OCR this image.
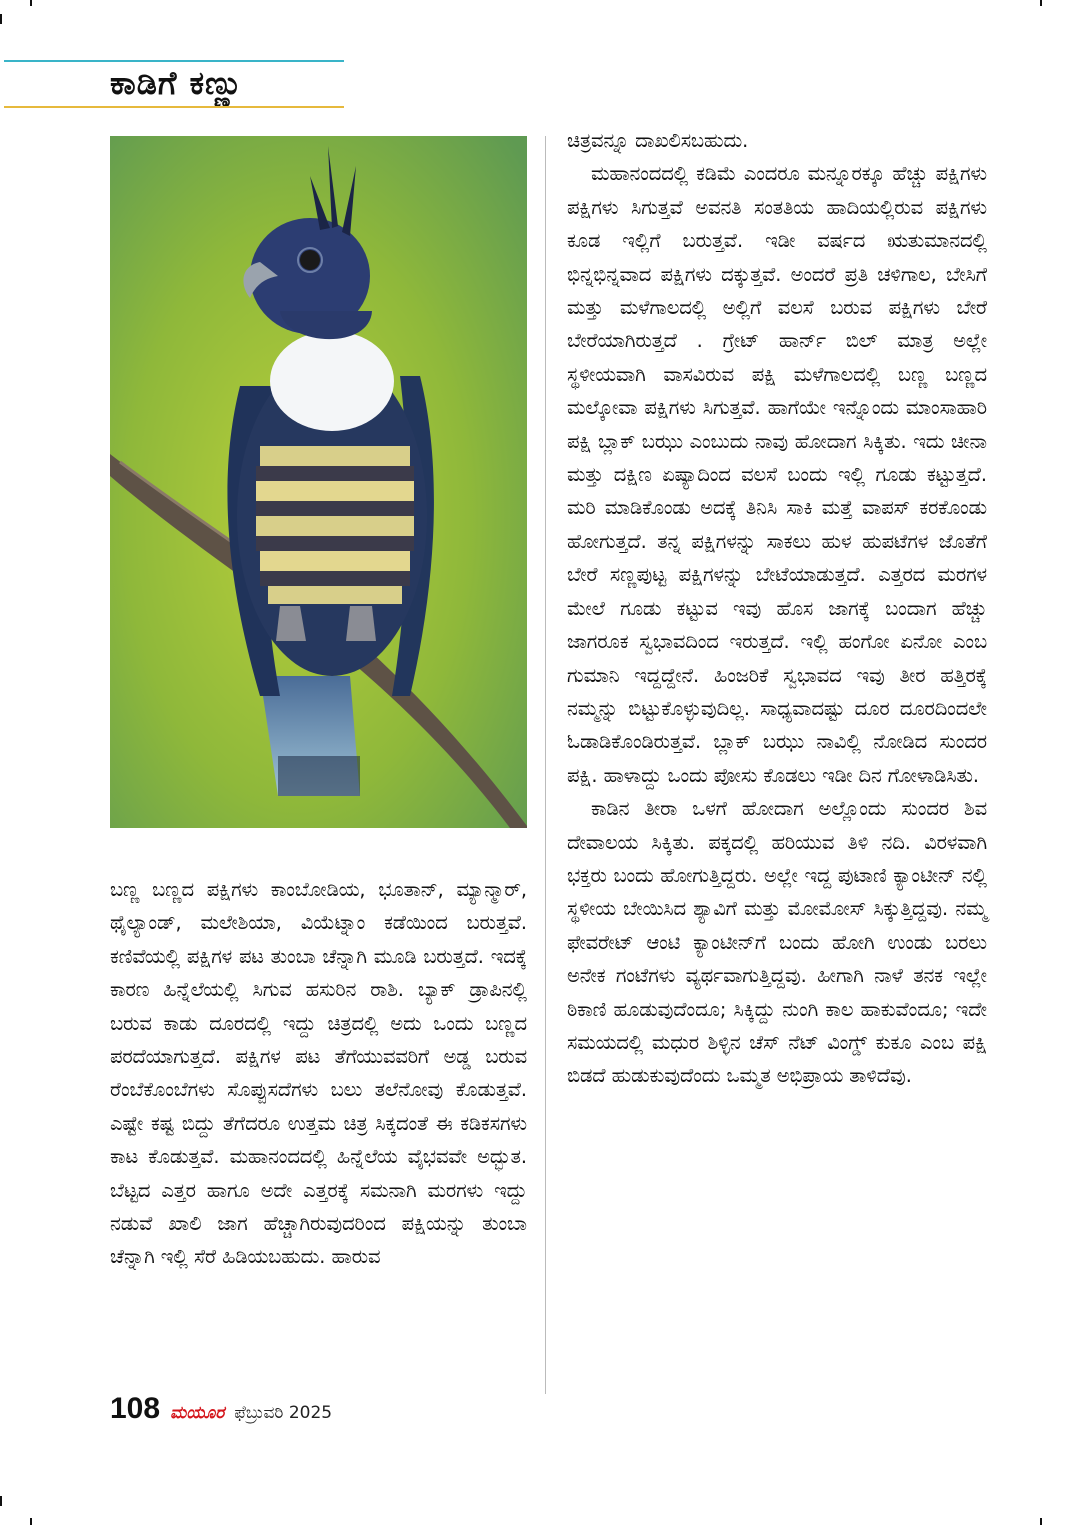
ಕಾಡಿಗೆ ಕಣ್ಣು

ಬಣ್ಣ ಬಣ್ಣದ ಪಕ್ಷಿಗಳು ಕಾಂಬೋಡಿಯ, ಭೂತಾನ್, ಮ್ಯಾನ್ಮಾರ್, ಥೈಲ್ಯಾಂಡ್, ಮಲೇಶಿಯಾ, ವಿಯೆಟ್ನಾಂ ಕಡೆಯಿಂದ ಬರುತ್ತವೆ. ಕಣಿವೆಯಲ್ಲಿ ಪಕ್ಷಿಗಳ ಪಟ ತುಂಬಾ ಚೆನ್ನಾಗಿ ಮೂಡಿ ಬರುತ್ತದೆ. ಇದಕ್ಕೆ ಕಾರಣ ಹಿನ್ನೆಲೆಯಲ್ಲಿ ಸಿಗುವ ಹಸುರಿನ ರಾಶಿ. ಬ್ಯಾಕ್ ಡ್ರಾಪಿನಲ್ಲಿ ಬರುವ ಕಾಡು ದೂರದಲ್ಲಿ ಇದ್ದು ಚಿತ್ರದಲ್ಲಿ ಅದು ಒಂದು ಬಣ್ಣದ ಪರದೆಯಾಗುತ್ತದೆ. ಪಕ್ಷಿಗಳ ಪಟ ತೆಗೆಯುವವರಿಗೆ ಅಡ್ಡ ಬರುವ ರೆಂಬೆಕೊಂಬೆಗಳು ಸೊಪ್ಪುಸದೆಗಳು ಬಲು ತಲೆನೋವು ಕೊಡುತ್ತವೆ. ಎಷ್ಟೇ ಕಷ್ಟ ಬಿದ್ದು ತೆಗೆದರೂ ಉತ್ತಮ ಚಿತ್ರ ಸಿಕ್ಕದಂತೆ ಈ ಕಡಿಕಸಗಳು ಕಾಟ ಕೊಡುತ್ತವೆ. ಮಹಾನಂದದಲ್ಲಿ ಹಿನ್ನೆಲೆಯ ವೈಭವವೇ ಅದ್ಭುತ. ಬೆಟ್ಟದ ಎತ್ತರ ಹಾಗೂ ಅದೇ ಎತ್ತರಕ್ಕೆ ಸಮನಾಗಿ ಮರಗಳು ಇದ್ದು ನಡುವೆ ಖಾಲಿ ಜಾಗ ಹೆಚ್ಚಾಗಿರುವುದರಿಂದ ಪಕ್ಷಿಯನ್ನು ತುಂಬಾ ಚೆನ್ನಾಗಿ ಇಲ್ಲಿ ಸೆರೆ ಹಿಡಿಯಬಹುದು. ಹಾರುವ

ಚಿತ್ರವನ್ನೂ ದಾಖಲಿಸಬಹುದು.

ಮಹಾನಂದದಲ್ಲಿ ಕಡಿಮೆ ಎಂದರೂ ಮನ್ನೂರಕ್ಕೂ ಹೆಚ್ಚು ಪಕ್ಷಿಗಳು ಪಕ್ಷಿಗಳು ಸಿಗುತ್ತವೆ ಅವನತಿ ಸಂತತಿಯ ಹಾದಿಯಲ್ಲಿರುವ ಪಕ್ಷಿಗಳು ಕೂಡ ಇಲ್ಲಿಗೆ ಬರುತ್ತವೆ. ಇಡೀ ವರ್ಷದ ಋತುಮಾನದಲ್ಲಿ ಭಿನ್ನಭಿನ್ನವಾದ ಪಕ್ಷಿಗಳು ದಕ್ಕುತ್ತವೆ. ಅಂದರೆ ಪ್ರತಿ ಚಳಿಗಾಲ, ಬೇಸಿಗೆ ಮತ್ತು ಮಳೆಗಾಲದಲ್ಲಿ ಅಲ್ಲಿಗೆ ವಲಸೆ ಬರುವ ಪಕ್ಷಿಗಳು ಬೇರೆ ಬೇರೆಯಾಗಿರುತ್ತದೆ . ಗ್ರೇಟ್ ಹಾರ್ನ್ ಬಿಲ್ ಮಾತ್ರ ಅಲ್ಲೇ ಸ್ಥಳೀಯವಾಗಿ ವಾಸವಿರುವ ಪಕ್ಷಿ ಮಳೆಗಾಲದಲ್ಲಿ ಬಣ್ಣ ಬಣ್ಣದ ಮಲ್ಕೋವಾ ಪಕ್ಷಿಗಳು ಸಿಗುತ್ತವೆ. ಹಾಗೆಯೇ ಇನ್ನೊಂದು ಮಾಂಸಾಹಾರಿ ಪಕ್ಷಿ ಬ್ಲಾಕ್ ಬಝು ಎಂಬುದು ನಾವು ಹೋದಾಗ ಸಿಕ್ಕಿತು. ಇದು ಚೀನಾ ಮತ್ತು ದಕ್ಷಿಣ ಏಷ್ಯಾದಿಂದ ವಲಸೆ ಬಂದು ಇಲ್ಲಿ ಗೂಡು ಕಟ್ಟುತ್ತದೆ. ಮರಿ ಮಾಡಿಕೊಂಡು ಅದಕ್ಕೆ ತಿನಿಸಿ ಸಾಕಿ ಮತ್ತೆ ವಾಪಸ್ ಕರಕೊಂಡು ಹೋಗುತ್ತದೆ. ತನ್ನ ಪಕ್ಷಿಗಳನ್ನು ಸಾಕಲು ಹುಳ ಹುಪಟೆಗಳ ಜೊತೆಗೆ ಬೇರೆ ಸಣ್ಣಪುಟ್ಟ ಪಕ್ಷಿಗಳನ್ನು ಬೇಟೆಯಾಡುತ್ತದೆ. ಎತ್ತರದ ಮರಗಳ ಮೇಲೆ ಗೂಡು ಕಟ್ಟುವ ಇವು ಹೊಸ ಜಾಗಕ್ಕೆ ಬಂದಾಗ ಹೆಚ್ಚು ಜಾಗರೂಕ ಸ್ವಭಾವದಿಂದ ಇರುತ್ತದೆ. ಇಲ್ಲಿ ಹಂಗೋ ಏನೋ ಎಂಬ ಗುಮಾನಿ ಇದ್ದದ್ದೇನೆ. ಹಿಂಜರಿಕೆ ಸ್ವಭಾವದ ಇವು ತೀರ ಹತ್ತಿರಕ್ಕೆ ನಮ್ಮನ್ನು ಬಿಟ್ಟುಕೊಳ್ಳುವುದಿಲ್ಲ. ಸಾಧ್ಯವಾದಷ್ಟು ದೂರ ದೂರದಿಂದಲೇ ಓಡಾಡಿಕೊಂಡಿರುತ್ತವೆ. ಬ್ಲಾಕ್ ಬಝು ನಾವಿಲ್ಲಿ ನೋಡಿದ ಸುಂದರ ಪಕ್ಷಿ. ಹಾಳಾದ್ದು ಒಂದು ಪೋಸು ಕೊಡಲು ಇಡೀ ದಿನ ಗೋಳಾಡಿಸಿತು.

ಕಾಡಿನ ತೀರಾ ಒಳಗೆ ಹೋದಾಗ ಅಲ್ಲೊಂದು ಸುಂದರ ಶಿವ ದೇವಾಲಯ ಸಿಕ್ಕಿತು. ಪಕ್ಕದಲ್ಲಿ ಹರಿಯುವ ತಿಳಿ ನದಿ. ವಿರಳವಾಗಿ ಭಕ್ತರು ಬಂದು ಹೋಗುತ್ತಿದ್ದರು. ಅಲ್ಲೇ ಇದ್ದ ಪುಟಾಣಿ ಕ್ಯಾಂಟೀನ್ ನಲ್ಲಿ ಸ್ಥಳೀಯ ಬೇಯಿಸಿದ ಶ್ಯಾವಿಗೆ ಮತ್ತು ಮೋಮೋಸ್ ಸಿಕ್ಕುತ್ತಿದ್ದವು. ನಮ್ಮ ಫೇವರೇಟ್ ಆಂಟಿ ಕ್ಯಾಂಟೀನ್‌ಗೆ ಬಂದು ಹೋಗಿ ಉಂಡು ಬರಲು ಅನೇಕ ಗಂಟೆಗಳು ವ್ಯರ್ಥವಾಗುತ್ತಿದ್ದವು. ಹೀಗಾಗಿ ನಾಳೆ ತನಕ ಇಲ್ಲೇ ಠಿಕಾಣಿ ಹೂಡುವುದೆಂದೂ; ಸಿಕ್ಕಿದ್ದು ನುಂಗಿ ಕಾಲ ಹಾಕುವೆಂದೂ; ಇದೇ ಸಮಯದಲ್ಲಿ ಮಧುರ ಶಿಳ್ಳಿನ ಚೆಸ್ ನೆಟ್ ವಿಂಗ್ಡ್ ಕುಕೂ ಎಂಬ ಪಕ್ಷಿ ಬಿಡದೆ ಹುಡುಕುವುದೆಂದು ಒಮ್ಮತ ಅಭಿಪ್ರಾಯ ತಾಳಿದೆವು.

108 ಮಯೂರ ಫೆಬ್ರುವರಿ 2025
